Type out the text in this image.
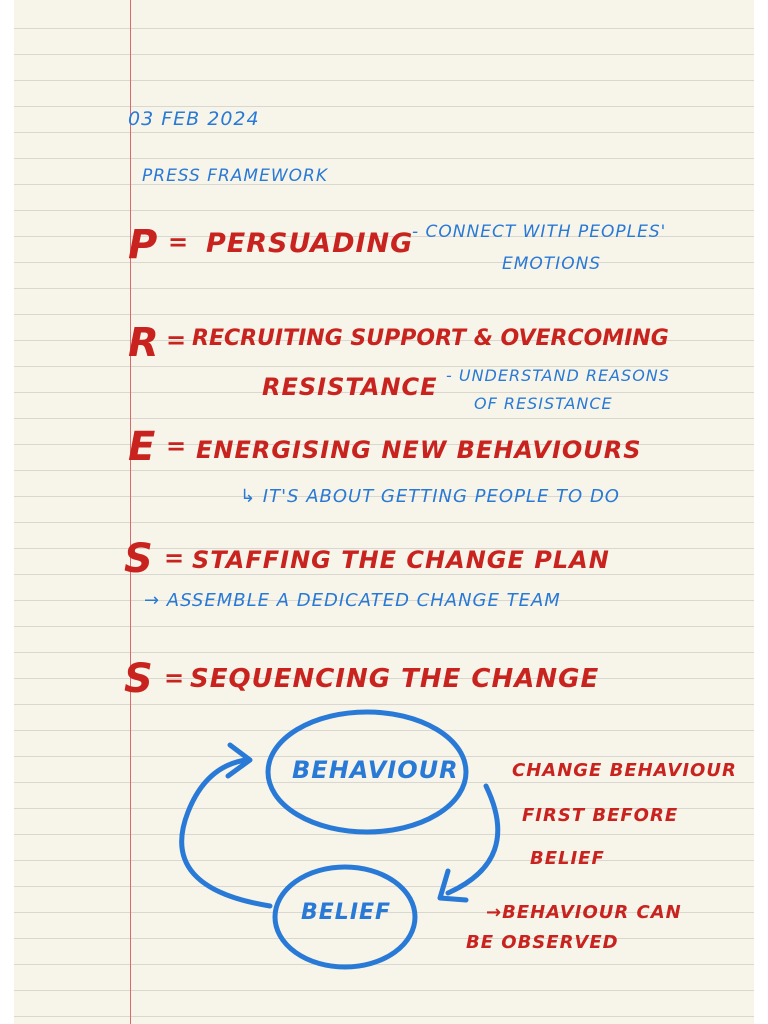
03 FEB 2024
PRESS FRAMEWORK
P = PERSUADING
- CONNECT WITH PEOPLES'
EMOTIONS
R = RECRUITING SUPPORT & OVERCOMING
RESISTANCE - UNDERSTAND REASONS
OF RESISTANCE
E = ENERGISING NEW BEHAVIOURS
↳ IT'S ABOUT GETTING PEOPLE TO DO
S = STAFFING THE CHANGE PLAN
→ ASSEMBLE A DEDICATED CHANGE TEAM
S = SEQUENCING THE CHANGE
BEHAVIOUR
BELIEF
CHANGE BEHAVIOUR
FIRST BEFORE
BELIEF
→BEHAVIOUR CAN
BE OBSERVED
